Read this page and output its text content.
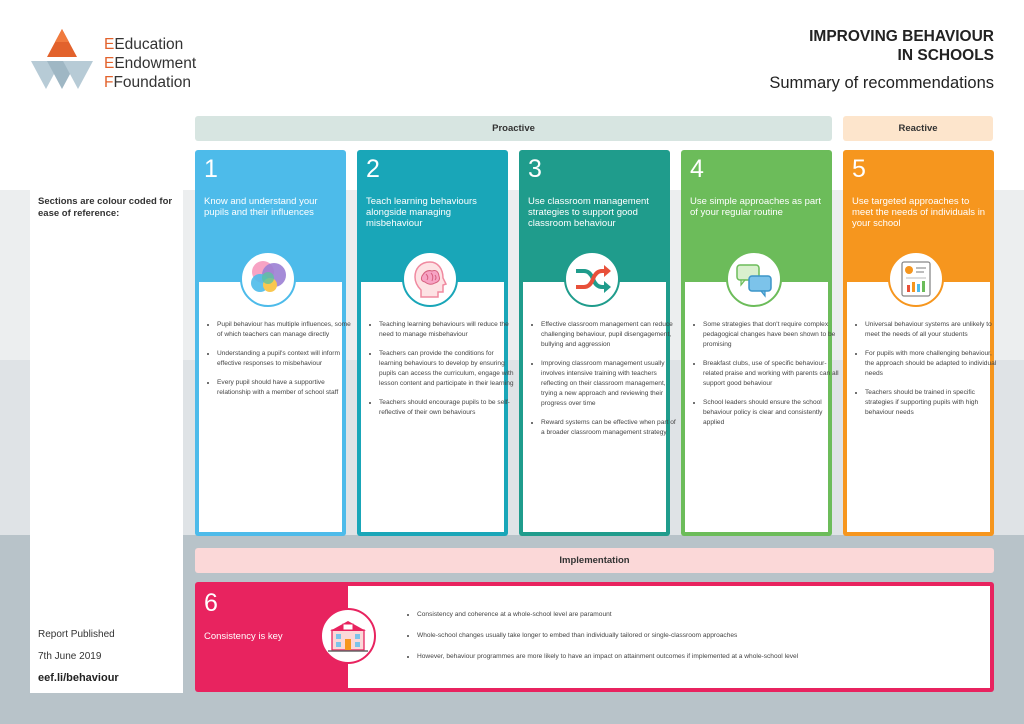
EEducation
EEndowment
FFoundation
IMPROVING BEHAVIOUR
IN SCHOOLS
Summary of recommendations
Sections are colour coded for ease of reference:
Report Published
7th June 2019
eef.li/behaviour
Proactive	Reactive
1
Know and understand your pupils and their influences
• Pupil behaviour has multiple influences, some of which teachers can manage directly
• Understanding a pupil's context will inform effective responses to misbehaviour
• Every pupil should have a supportive relationship with a member of school staff
2
Teach learning behaviours alongside managing misbehaviour
• Teaching learning behaviours will reduce the need to manage misbehaviour
• Teachers can provide the conditions for learning behaviours to develop by ensuring pupils can access the curriculum, engage with lesson content and participate in their learning
• Teachers should encourage pupils to be self-reflective of their own behaviours
3
Use classroom management strategies to support good classroom behaviour
• Effective classroom management can reduce challenging behaviour, pupil disengagement, bullying and aggression
• Improving classroom management usually involves intensive training with teachers reflecting on their classroom management, trying a new approach and reviewing their progress over time
• Reward systems can be effective when part of a broader classroom management strategy
4
Use simple approaches as part of your regular routine
• Some strategies that don't require complex pedagogical changes have been shown to be promising
• Breakfast clubs, use of specific behaviour-related praise and working with parents can all support good behaviour
• School leaders should ensure the school behaviour policy is clear and consistently applied
5
Use targeted approaches to meet the needs of individuals in your school
• Universal behaviour systems are unlikely to meet the needs of all your students
• For pupils with more challenging behaviour, the approach should be adapted to individual needs
• Teachers should be trained in specific strategies if supporting pupils with high behaviour needs
Implementation
6
Consistency is key
• Consistency and coherence at a whole-school level are paramount
• Whole-school changes usually take longer to embed than individually tailored or single-classroom approaches
• However, behaviour programmes are more likely to have an impact on attainment outcomes if implemented at a whole-school level
